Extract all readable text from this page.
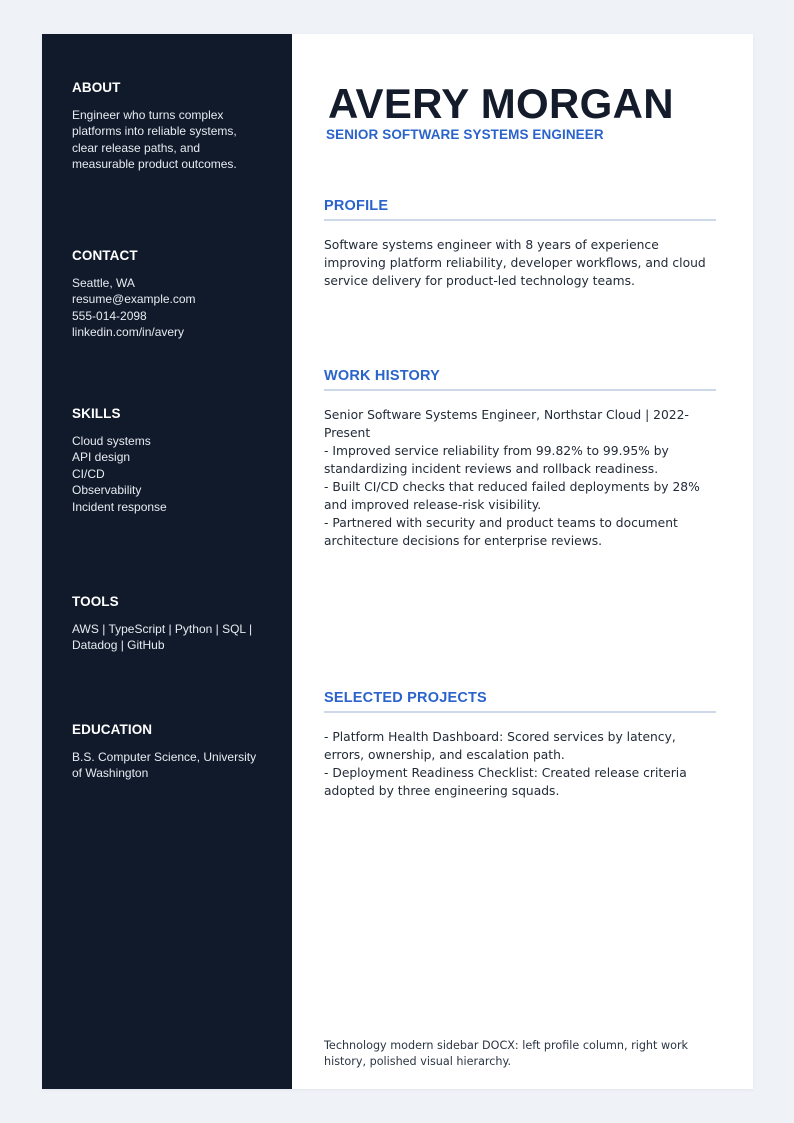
ABOUT
Engineer who turns complex
platforms into reliable systems,
clear release paths, and
measurable product outcomes.
CONTACT
Seattle, WA
resume@example.com
555-014-2098
linkedin.com/in/avery
SKILLS
Cloud systems
API design
CI/CD
Observability
Incident response
TOOLS
AWS | TypeScript | Python | SQL |
Datadog | GitHub
EDUCATION
B.S. Computer Science, University
of Washington
AVERY MORGAN
SENIOR SOFTWARE SYSTEMS ENGINEER
PROFILE
Software systems engineer with 8 years of experience
improving platform reliability, developer workflows, and cloud
service delivery for product-led technology teams.
WORK HISTORY
Senior Software Systems Engineer, Northstar Cloud | 2022-
Present
- Improved service reliability from 99.82% to 99.95% by
standardizing incident reviews and rollback readiness.
- Built CI/CD checks that reduced failed deployments by 28%
and improved release-risk visibility.
- Partnered with security and product teams to document
architecture decisions for enterprise reviews.
SELECTED PROJECTS
- Platform Health Dashboard: Scored services by latency,
errors, ownership, and escalation path.
- Deployment Readiness Checklist: Created release criteria
adopted by three engineering squads.
Technology modern sidebar DOCX: left profile column, right work
history, polished visual hierarchy.
